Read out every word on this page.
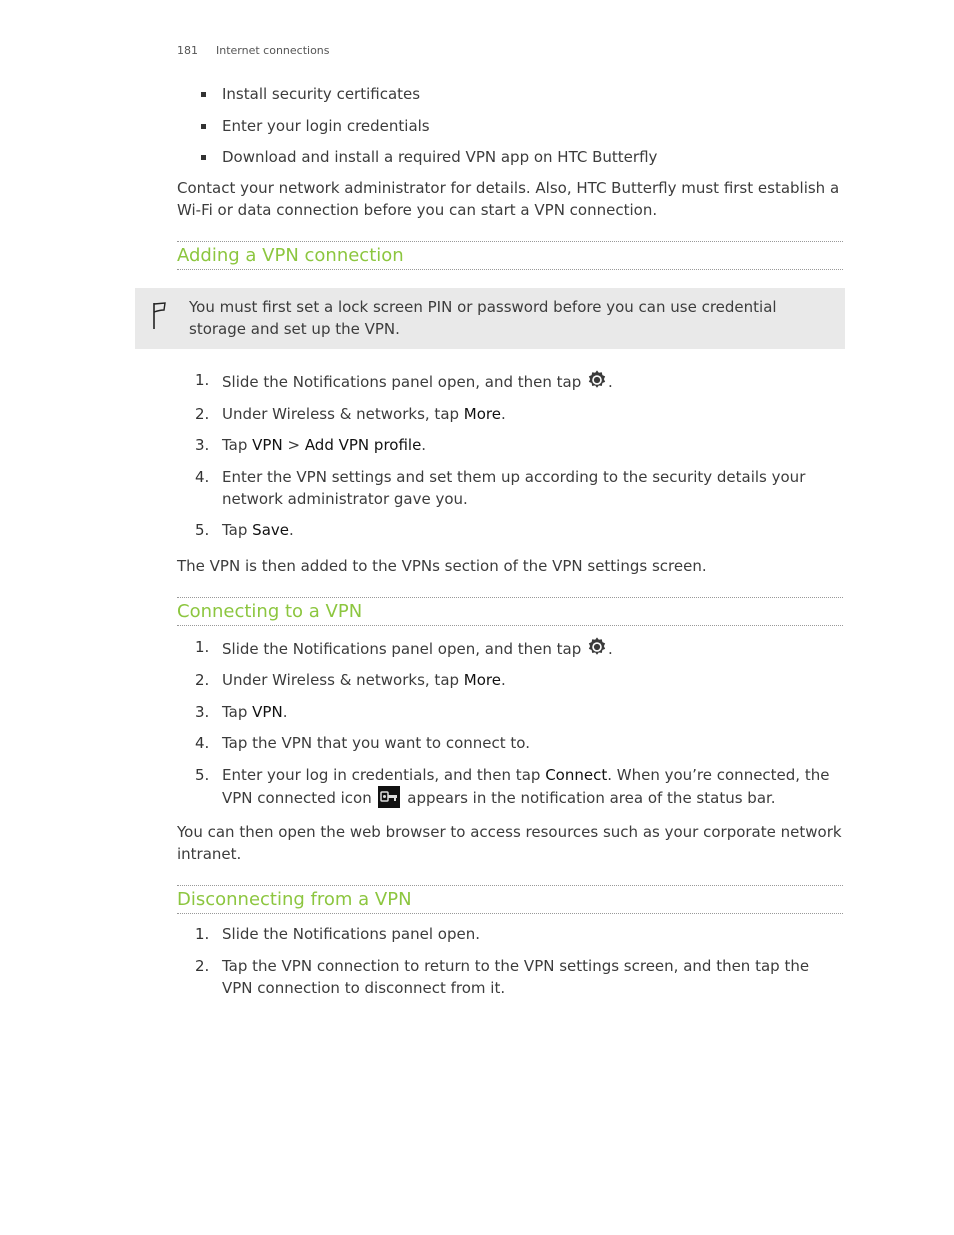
181 Internet connections
Install security certificates
Enter your login credentials
Download and install a required VPN app on HTC Butterfly

Contact your network administrator for details. Also, HTC Butterfly must first establish a Wi-Fi or data connection before you can start a VPN connection.

Adding a VPN connection
You must first set a lock screen PIN or password before you can use credential storage and set up the VPN.
1. Slide the Notifications panel open, and then tap .
2. Under Wireless & networks, tap More.
3. Tap VPN > Add VPN profile.
4. Enter the VPN settings and set them up according to the security details your network administrator gave you.
5. Tap Save.

The VPN is then added to the VPNs section of the VPN settings screen.

Connecting to a VPN
1. Slide the Notifications panel open, and then tap .
2. Under Wireless & networks, tap More.
3. Tap VPN.
4. Tap the VPN that you want to connect to.
5. Enter your log in credentials, and then tap Connect. When you’re connected, the VPN connected icon  appears in the notification area of the status bar.

You can then open the web browser to access resources such as your corporate network intranet.

Disconnecting from a VPN
1. Slide the Notifications panel open.
2. Tap the VPN connection to return to the VPN settings screen, and then tap the VPN connection to disconnect from it.
